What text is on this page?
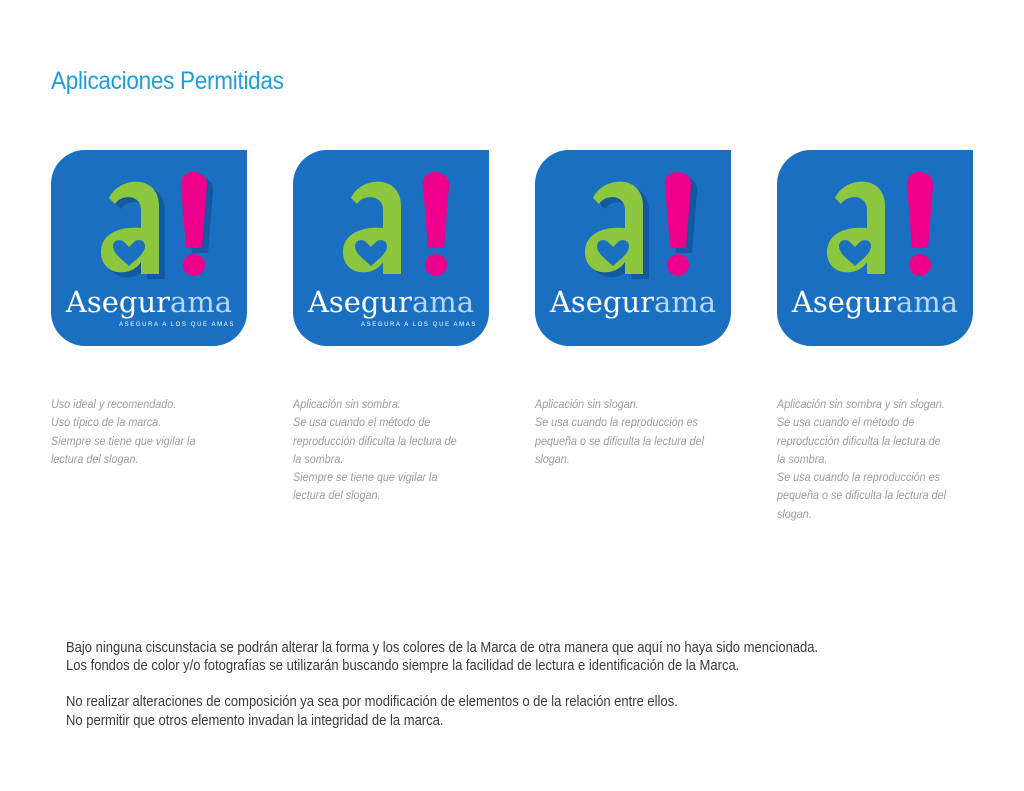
Aplicaciones Permitidas
Asegurama
ASEGURA A LOS QUE AMAS
Uso ideal y recomendado.
Uso típico de la marca.
Siempre se tiene que vigilar la
lectura del slogan.
Asegurama
ASEGURA A LOS QUE AMAS
Aplicación sin sombra.
Se usa cuando el método de
reproducción dificulta la lectura de
la sombra.
Siempre se tiene que vigilar la
lectura del slogan.
Asegurama
Aplicación sin slogan.
Se usa cuando la reproducción es
pequeña o se dificulta la lectura del
slogan.
Asegurama
Aplicación sin sombra y sin slogan.
Se usa cuando el método de
reproducción dificulta la lectura de
la sombra.
Se usa cuando la reproducción es
pequeña o se dificulta la lectura del
slogan.
Bajo ninguna ciscunstacia se podrán alterar la forma y los colores de la Marca de otra manera que aquí no haya sido mencionada.
Los fondos de color y/o fotografías se utilizarán buscando siempre la facilidad de lectura e identificación de la Marca.
No realizar alteraciones de composición ya sea por modificación de elementos o de la relación entre ellos.
No permitir que otros elemento invadan la integridad de la marca.
